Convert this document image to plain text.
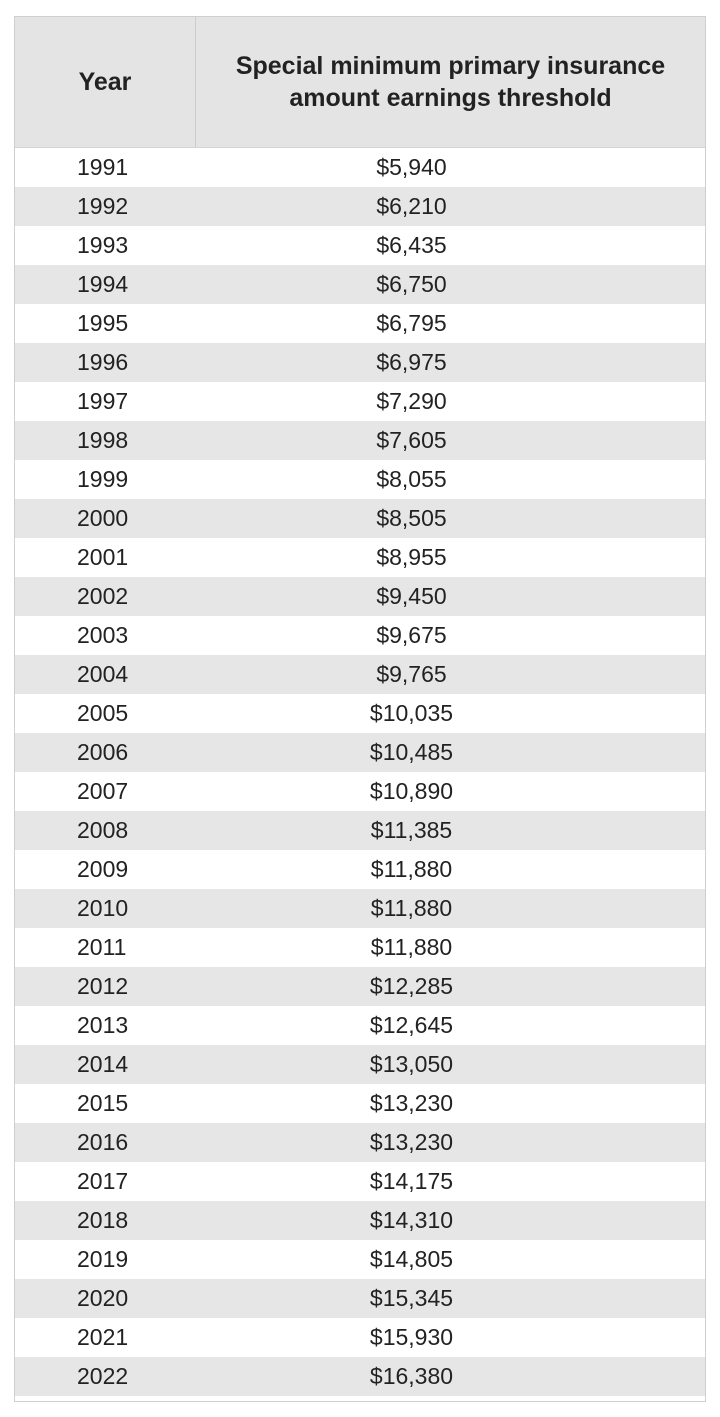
Year
Special minimum primary insurance amount earnings threshold
1991	$5,940
1992	$6,210
1993	$6,435
1994	$6,750
1995	$6,795
1996	$6,975
1997	$7,290
1998	$7,605
1999	$8,055
2000	$8,505
2001	$8,955
2002	$9,450
2003	$9,675
2004	$9,765
2005	$10,035
2006	$10,485
2007	$10,890
2008	$11,385
2009	$11,880
2010	$11,880
2011	$11,880
2012	$12,285
2013	$12,645
2014	$13,050
2015	$13,230
2016	$13,230
2017	$14,175
2018	$14,310
2019	$14,805
2020	$15,345
2021	$15,930
2022	$16,380
